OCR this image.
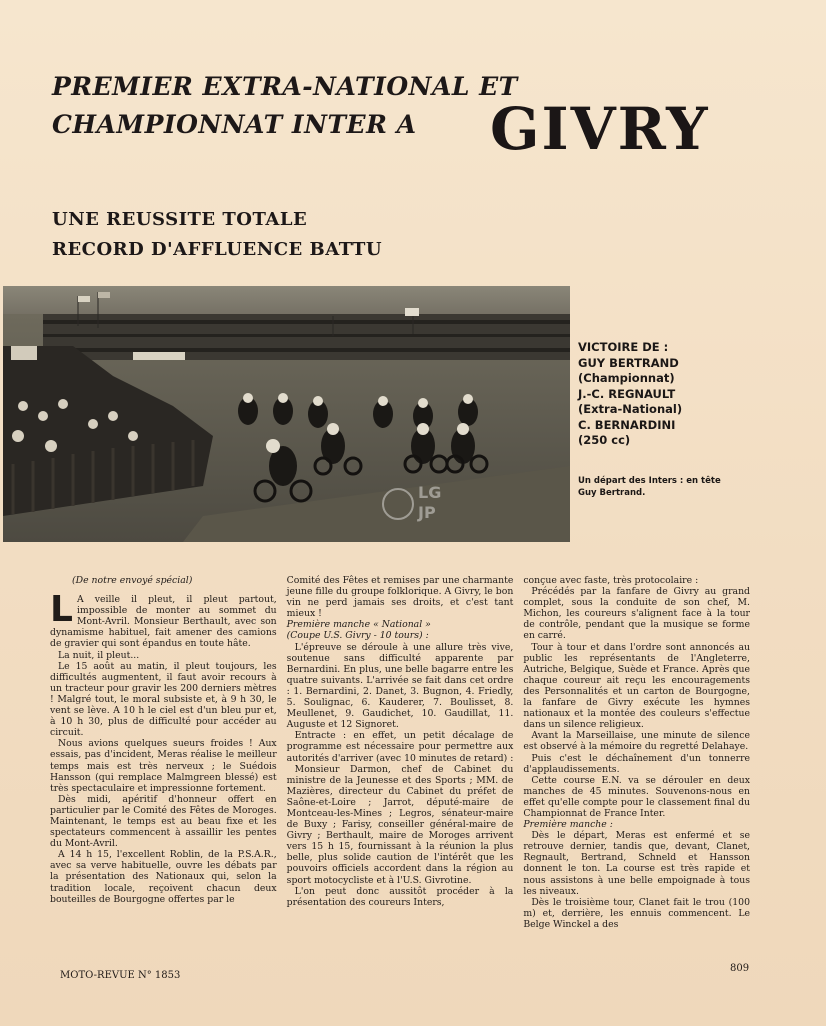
PREMIER EXTRA-NATIONAL ET
CHAMPIONNAT INTER A	GIVRY
UNE REUSSITE TOTALE
RECORD D'AFFLUENCE BATTU
LG
JP
VICTOIRE DE :
GUY BERTRAND
(Championnat)
J.-C. REGNAULT
(Extra-National)
C. BERNARDINI
(250 cc)
Un départ des Inters : en tête
Guy Bertrand.

(De notre envoyé spécial)

L A veille il pleut, il pleut partout, impossible de monter au sommet du Mont-Avril. Monsieur Berthault, avec son dynamisme habituel, fait amener des camions de gravier qui sont épandus en toute hâte.

La nuit, il pleut...

Le 15 août au matin, il pleut toujours, les difficultés augmentent, il faut avoir recours à un tracteur pour gravir les 200 derniers mètres ! Malgré tout, le moral subsiste et, à 9 h 30, le vent se lève. A 10 h le ciel est d'un bleu pur et, à 10 h 30, plus de difficulté pour accéder au circuit.

Nous avions quelques sueurs froides ! Aux essais, pas d'incident, Meras réalise le meilleur temps mais est très nerveux ; le Suédois Hansson (qui remplace Malmgreen blessé) est très spectaculaire et impressionne fortement.

Dès midi, apéritif d'honneur offert en particulier par le Comité des Fêtes de Moroges. Maintenant, le temps est au beau fixe et les spectateurs commencent à assaillir les pentes du Mont-Avril.

A 14 h 15, l'excellent Roblin, de la P.S.A.R., avec sa verve habituelle, ouvre les débats par la présentation des Nationaux qui, selon la tradition locale, reçoivent chacun deux bouteilles de Bourgogne offertes par le

Comité des Fêtes et remises par une charmante jeune fille du groupe folklorique. A Givry, le bon vin ne perd jamais ses droits, et c'est tant mieux !

Première manche « National »

(Coupe U.S. Givry - 10 tours) :

L'épreuve se déroule à une allure très vive, soutenue sans difficulté apparente par Bernardini. En plus, une belle bagarre entre les quatre suivants. L'arrivée se fait dans cet ordre : 1. Bernardini, 2. Danet, 3. Bugnon, 4. Friedly, 5. Soulignac, 6. Kauderer, 7. Boulisset, 8. Meullenet, 9. Gaudichet, 10. Gaudillat, 11. Auguste et 12 Signoret.

Entracte : en effet, un petit décalage de programme est nécessaire pour permettre aux autorités d'arriver (avec 10 minutes de retard) :

Monsieur Darmon, chef de Cabinet du ministre de la Jeunesse et des Sports ; MM. de Mazières, directeur du Cabinet du préfet de Saône-et-Loire ; Jarrot, député-maire de Montceau-les-Mines ; Legros, sénateur-maire de Buxy ; Farisy, conseiller général-maire de Givry ; Berthault, maire de Moroges arrivent vers 15 h 15, fournissant à la réunion la plus belle, plus solide caution de l'intérêt que les pouvoirs officiels accordent dans la région au sport motocycliste et à l'U.S. Givrotine.

L'on peut donc aussitôt procéder à la présentation des coureurs Inters,

conçue avec faste, très protocolaire :

Précédés par la fanfare de Givry au grand complet, sous la conduite de son chef, M. Michon, les coureurs s'alignent face à la tour de contrôle, pendant que la musique se forme en carré.

Tour à tour et dans l'ordre sont annoncés au public les représentants de l'Angleterre, Autriche, Belgique, Suède et France. Après que chaque coureur ait reçu les encouragements des Personnalités et un carton de Bourgogne, la fanfare de Givry exécute les hymnes nationaux et la montée des couleurs s'effectue dans un silence religieux.

Avant la Marseillaise, une minute de silence est observé à la mémoire du regretté Delahaye.

Puis c'est le déchaînement d'un tonnerre d'applaudissements.

Cette course E.N. va se dérouler en deux manches de 45 minutes. Souvenons-nous en effet qu'elle compte pour le classement final du Championnat de France Inter.

Première manche :

Dès le départ, Meras est enfermé et se retrouve dernier, tandis que, devant, Clanet, Regnault, Bertrand, Schneld et Hansson donnent le ton. La course est très rapide et nous assistons à une belle empoignade à tous les niveaux.

Dès le troisième tour, Clanet fait le trou (100 m) et, derrière, les ennuis commencent. Le Belge Winckel a des

MOTO-REVUE N° 1853
809
